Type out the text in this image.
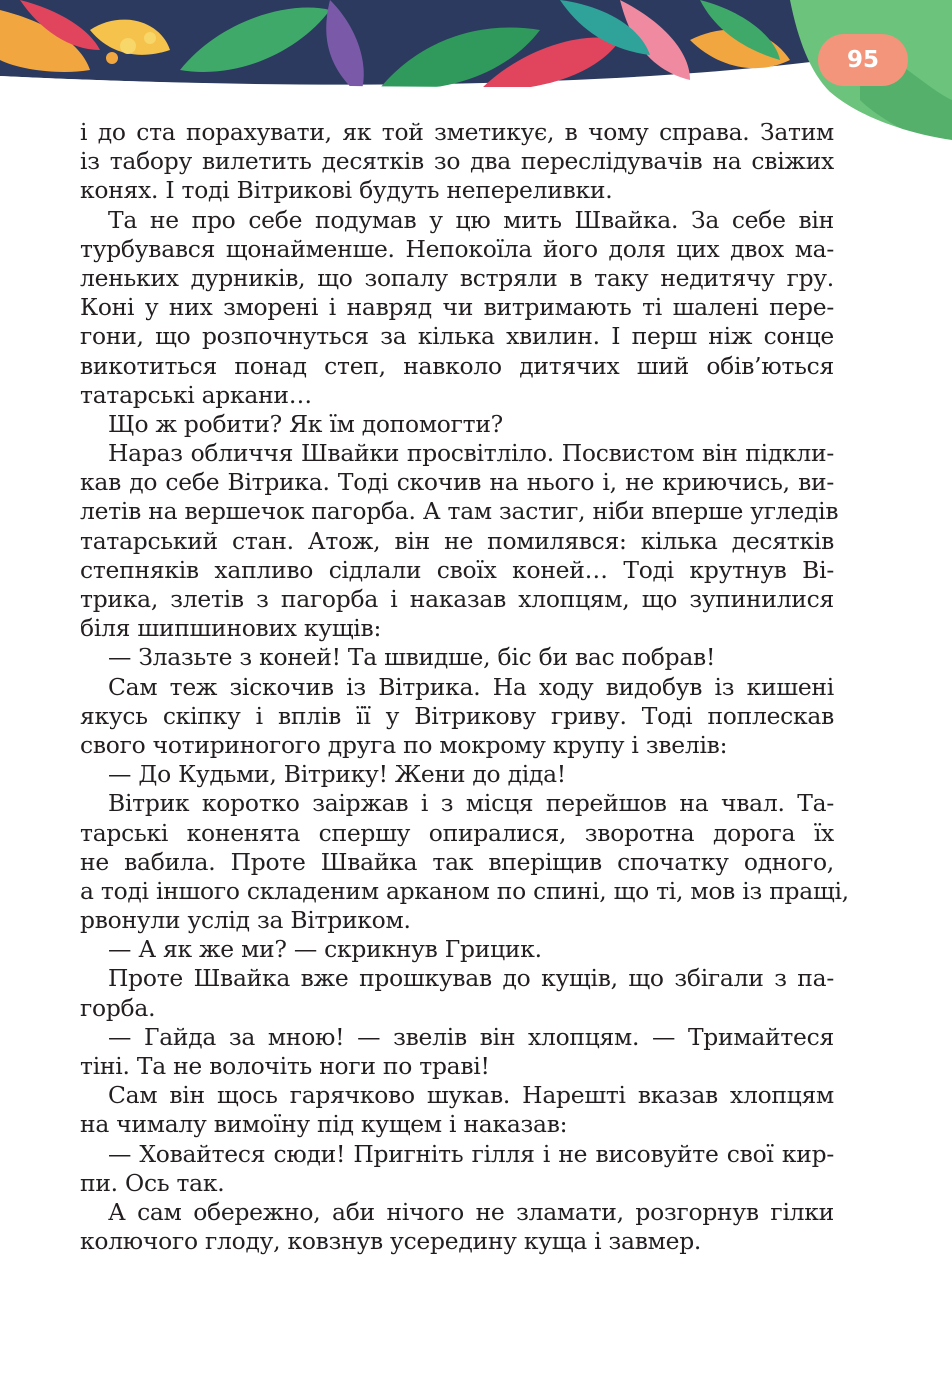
95
і до ста порахувати, як той зметикує, в чому справа. Затим
із табору вилетить десятків зо два переслідувачів на свіжих
конях. І тоді Вітрикові будуть непереливки.
Та не про себе подумав у цю мить Швайка. За себе він
турбувався щонайменше. Непокоїла його доля цих двох ма-
леньких дурників, що зопалу встряли в таку недитячу гру.
Коні у них зморені і навряд чи витримають ті шалені пере-
гони, що розпочнуться за кілька хвилин. І перш ніж сонце
викотиться понад степ, навколо дитячих ший обів’ються
татарські аркани…
Що ж робити? Як їм допомогти?
Нараз обличчя Швайки просвітліло. Посвистом він підкли-
кав до себе Вітрика. Тоді скочив на нього і, не криючись, ви-
летів на вершечок пагорба. А там застиг, ніби вперше угледів
татарський стан. Атож, він не помилявся: кілька десятків
степняків хапливо сідлали своїх коней… Тоді крутнув Ві-
трика, злетів з пагорба і наказав хлопцям, що зупинилися
біля шипшинових кущів:
— Злазьте з коней! Та швидше, біс би вас побрав!
Сам теж зіскочив із Вітрика. На ходу видобув із кишені
якусь скіпку і вплів її у Вітрикову гриву. Тоді поплескав
свого чотириногого друга по мокрому крупу і звелів:
— До Кудьми, Вітрику! Жени до діда!
Вітрик коротко заіржав і з місця перейшов на чвал. Та-
тарські коненята спершу опиралися, зворотна дорога їх
не вабила. Проте Швайка так вперіщив спочатку одного,
а тоді іншого складеним арканом по спині, що ті, мов із пращі,
рвонули услід за Вітриком.
— А як же ми? — скрикнув Грицик.
Проте Швайка вже прошкував до кущів, що збігали з па-
горба.
— Гайда за мною! — звелів він хлопцям. — Тримайтеся
тіні. Та не волочіть ноги по траві!
Сам він щось гарячково шукав. Нарешті вказав хлопцям
на чималу вимоїну під кущем і наказав:
— Ховайтеся сюди! Пригніть гілля і не висовуйте свої кир-
пи. Ось так.
А сам обережно, аби нічого не зламати, розгорнув гілки
колючого глоду, ковзнув усередину куща і завмер.
